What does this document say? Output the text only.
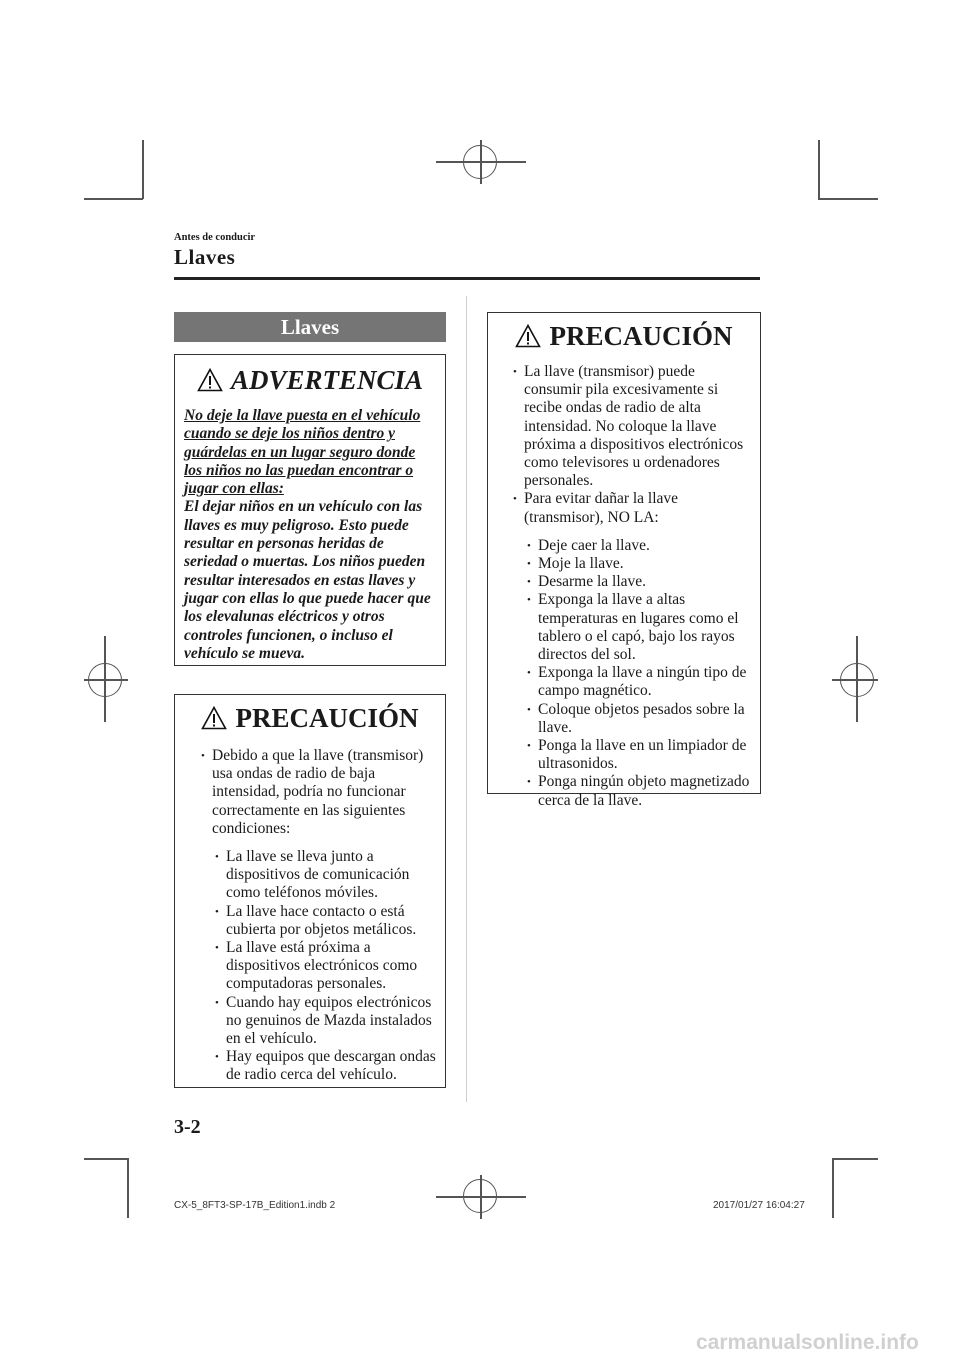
Antes de conducir
Llaves
Llaves
ADVERTENCIA
No deje la llave puesta en el vehículo cuando se deje los niños dentro y guárdelas en un lugar seguro donde los niños no las puedan encontrar o jugar con ellas:
El dejar niños en un vehículo con las llaves es muy peligroso. Esto puede resultar en personas heridas de seriedad o muertas. Los niños pueden resultar interesados en estas llaves y jugar con ellas lo que puede hacer que los elevalunas eléctricos y otros controles funcionen, o incluso el vehículo se mueva.
PRECAUCIÓN
• Debido a que la llave (transmisor) usa ondas de radio de baja intensidad, podría no funcionar correctamente en las siguientes condiciones:
• La llave se lleva junto a dispositivos de comunicación como teléfonos móviles.
• La llave hace contacto o está cubierta por objetos metálicos.
• La llave está próxima a dispositivos electrónicos como computadoras personales.
• Cuando hay equipos electrónicos no genuinos de Mazda instalados en el vehículo.
• Hay equipos que descargan ondas de radio cerca del vehículo.
PRECAUCIÓN
• La llave (transmisor) puede consumir pila excesivamente si recibe ondas de radio de alta intensidad. No coloque la llave próxima a dispositivos electrónicos como televisores u ordenadores personales.
• Para evitar dañar la llave (transmisor), NO LA:
• Deje caer la llave.
• Moje la llave.
• Desarme la llave.
• Exponga la llave a altas temperaturas en lugares como el tablero o el capó, bajo los rayos directos del sol.
• Exponga la llave a ningún tipo de campo magnético.
• Coloque objetos pesados sobre la llave.
• Ponga la llave en un limpiador de ultrasonidos.
• Ponga ningún objeto magnetizado cerca de la llave.
3-2
CX-5_8FT3-SP-17B_Edition1.indb 2	2017/01/27 16:04:27
carmanualsonline.info
